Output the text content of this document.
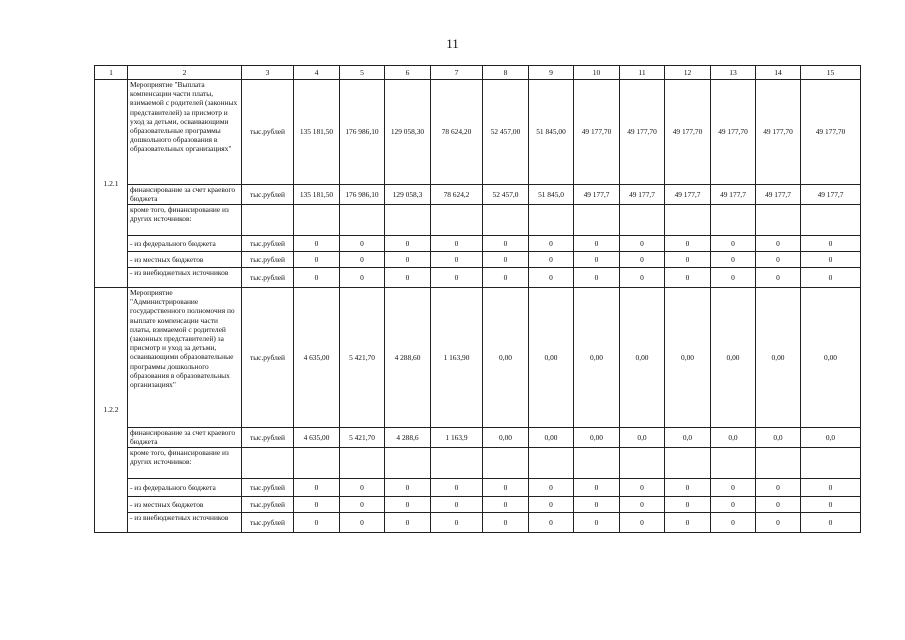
11
1	2	3	4	5	6	7	8	9	10	11	12	13	14	15
1.2.1	Мероприятие "Выплата компенсации части платы, взимаемой с родителей (законных представителей) за присмотр и уход за детьми, осваивающими образовательные программы дошкольного образования в образовательных организациях"	тыс.рублей	135 181,50	176 986,10	129 058,30	78 624,20	52 457,00	51 845,00	49 177,70	49 177,70	49 177,70	49 177,70	49 177,70	49 177,70
	финансирование за счет краевого бюджета	тыс.рублей	135 181,50	176 986,10	129 058,3	78 624,2	52 457,0	51 845,0	49 177,7	49 177,7	49 177,7	49 177,7	49 177,7	49 177,7
	кроме того, финансирование из других источников:													
	- из федерального бюджета	тыс.рублей	0	0	0	0	0	0	0	0	0	0	0	0
	- из местных бюджетов	тыс.рублей	0	0	0	0	0	0	0	0	0	0	0	0
	- из внебюджетных источников	тыс.рублей	0	0	0	0	0	0	0	0	0	0	0	0
1.2.2	Мероприятие "Администрирование государственного полномочия по выплате компенсации части платы, взимаемой с родителей (законных представителей) за присмотр и уход за детьми, осваивающими образовательные программы дошкольного образования в образовательных организациях"	тыс.рублей	4 635,00	5 421,70	4 288,60	1 163,90	0,00	0,00	0,00	0,00	0,00	0,00	0,00	0,00
	финансирование за счет краевого бюджета	тыс.рублей	4 635,00	5 421,70	4 288,6	1 163,9	0,00	0,00	0,00	0,0	0,0	0,0	0,0	0,0
	кроме того, финансирование из других источников:													
	- из федерального бюджета	тыс.рублей	0	0	0	0	0	0	0	0	0	0	0	0
	- из местных бюджетов	тыс.рублей	0	0	0	0	0	0	0	0	0	0	0	0
	- из внебюджетных источников	тыс.рублей	0	0	0	0	0	0	0	0	0	0	0	0
